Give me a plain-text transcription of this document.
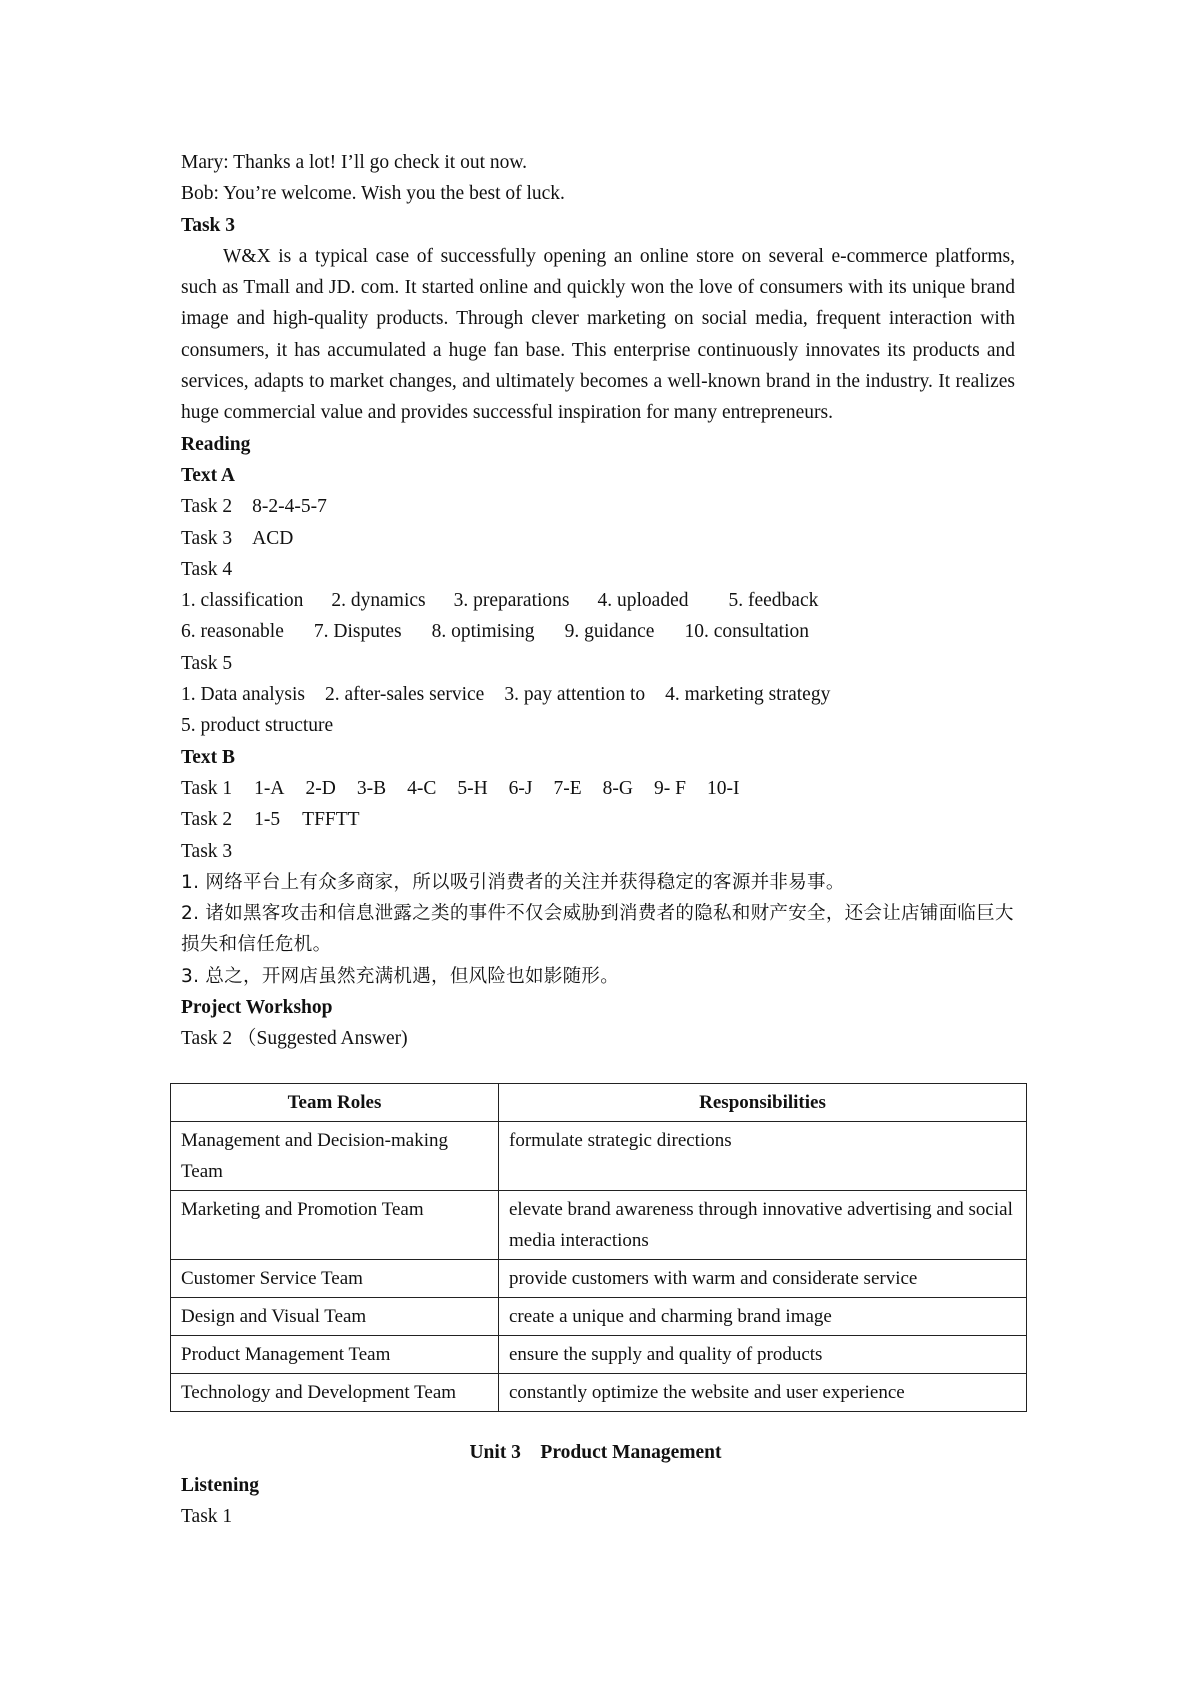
Mary: Thanks a lot! I’ll go check it out now.
Bob: You’re welcome. Wish you the best of luck.
Task 3

W&X is a typical case of successfully opening an online store on several e-commerce platforms, such as Tmall and JD. com. It started online and quickly won the love of consumers with its unique brand image and high-quality products. Through clever marketing on social media, frequent interaction with consumers, it has accumulated a huge fan base. This enterprise continuously innovates its products and services, adapts to market changes, and ultimately becomes a well-known brand in the industry. It realizes huge commercial value and provides successful inspiration for many entrepreneurs.

Reading
Text A
Task 2 8-2-4-5-7
Task 3 ACD
Task 4
1. classification 2. dynamics 3. preparations 4. uploaded 5. feedback
6. reasonable 7. Disputes 8. optimising 9. guidance 10. consultation
Task 5
1. Data analysis 2. after-sales service 3. pay attention to 4. marketing strategy
5. product structure
Text B
Task 1 1-A 2-D 3-B 4-C 5-H 6-J 7-E 8-G 9- F 10-I
Task 2 1-5 TFFTT
Task 3
1. 网络平台上有众多商家，所以吸引消费者的关注并获得稳定的客源并非易事。
2. 诸如黑客攻击和信息泄露之类的事件不仅会威胁到消费者的隐私和财产安全，还会让店铺面临巨大损失和信任危机。
3. 总之，开网店虽然充满机遇，但风险也如影随形。
Project Workshop
Task 2 （Suggested Answer)
Team Roles	Responsibilities
Management and Decision-making Team	formulate strategic directions
Marketing and Promotion Team	elevate brand awareness through innovative advertising and social media interactions
Customer Service Team	provide customers with warm and considerate service
Design and Visual Team	create a unique and charming brand image
Product Management Team	ensure the supply and quality of products
Technology and Development Team	constantly optimize the website and user experience
Unit 3    Product Management
Listening
Task 1
